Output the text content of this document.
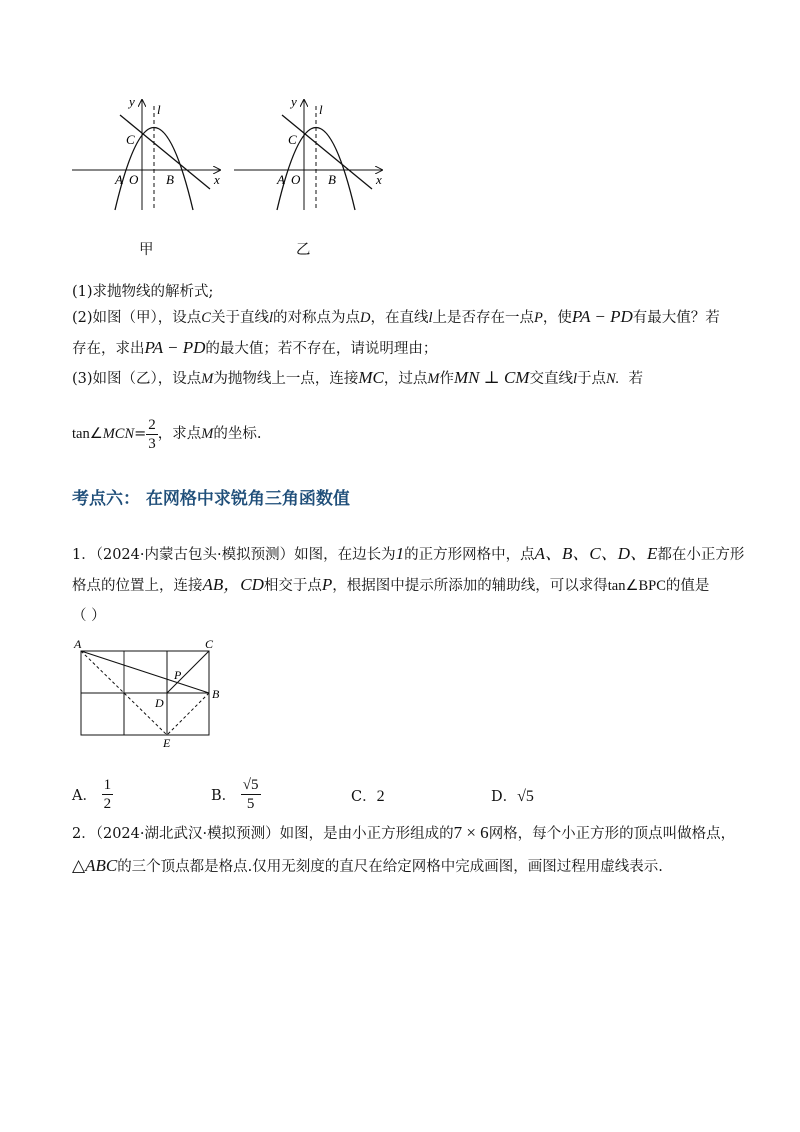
y
l
C
A O B	x
甲
y
l
C
A O B	x
乙
(1)求抛物线的解析式;
(2)如图（甲），设点C关于直线l的对称点为点D，在直线l上是否存在一点P，使PA − PD有最大值？若
存在，求出PA − PD的最大值；若不存在，请说明理由；
(3)如图（乙），设点M为抛物线上一点，连接MC，过点M作MN ⊥ CM交直线l于点N. 若
tan∠MCN= $\frac{2}{3}$ ，求点M的坐标.
考点六： 在网格中求锐角三角函数值
1．（2024·内蒙古包头·模拟预测）如图，在边长为1的正方形网格中，点A、B、C、D、E都在小正方形
格点的位置上，连接AB，CD相交于点P，根据图中提示所添加的辅助线，可以求得tan∠BPC的值是
（ ）
A	C
P
B
D
E
A． $\frac{1}{2}$	B． $\frac{√5}{5}$	C．2	D．√5
2．（2024·湖北武汉·模拟预测）如图，是由小正方形组成的7 × 6网格，每个小正方形的顶点叫做格点，
△ABC的三个顶点都是格点.仅用无刻度的直尺在给定网格中完成画图，画图过程用虚线表示.
